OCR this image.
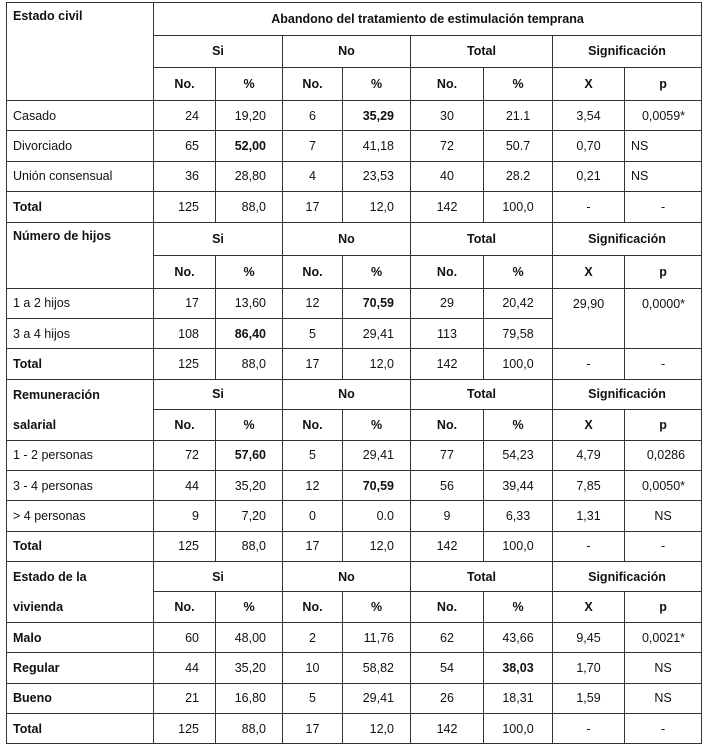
Estado civil	Abandono del tratamiento de estimulación temprana							
	Si		No		Total		Significación	
	No.	%	No.	%	No.	%	X	p
Casado	24	19,20	6	35,29	30	21.1	3,54	0,0059*
Divorciado	65	52,00	7	41,18	72	50.7	0,70	NS
Unión consensual	36	28,80	4	23,53	40	28.2	0,21	NS
Total	125	88,0	17	12,0	142	100,0	-	-
Número de hijos	Si		No		Total		Significación	
	No.	%	No.	%	No.	%	X	p
1 a 2 hijos	17	13,60	12	70,59	29	20,42	29,90	0,0000*
3 a 4 hijos	108	86,40	5	29,41	113	79,58		
Total	125	88,0	17	12,0	142	100,0	-	-
Remuneración	Si		No		Total		Significación	
salarial	No.	%	No.	%	No.	%	X	p
1 - 2 personas	72	57,60	5	29,41	77	54,23	4,79	0,0286
3 - 4 personas	44	35,20	12	70,59	56	39,44	7,85	0,0050*
> 4 personas	9	7,20	0	0.0	9	6,33	1,31	NS
Total	125	88,0	17	12,0	142	100,0	-	-
Estado de la	Si		No		Total		Significación	
vivienda	No.	%	No.	%	No.	%	X	p
Malo	60	48,00	2	11,76	62	43,66	9,45	0,0021*
Regular	44	35,20	10	58,82	54	38,03	1,70	NS
Bueno	21	16,80	5	29,41	26	18,31	1,59	NS
Total	125	88,0	17	12,0	142	100,0	-	-
